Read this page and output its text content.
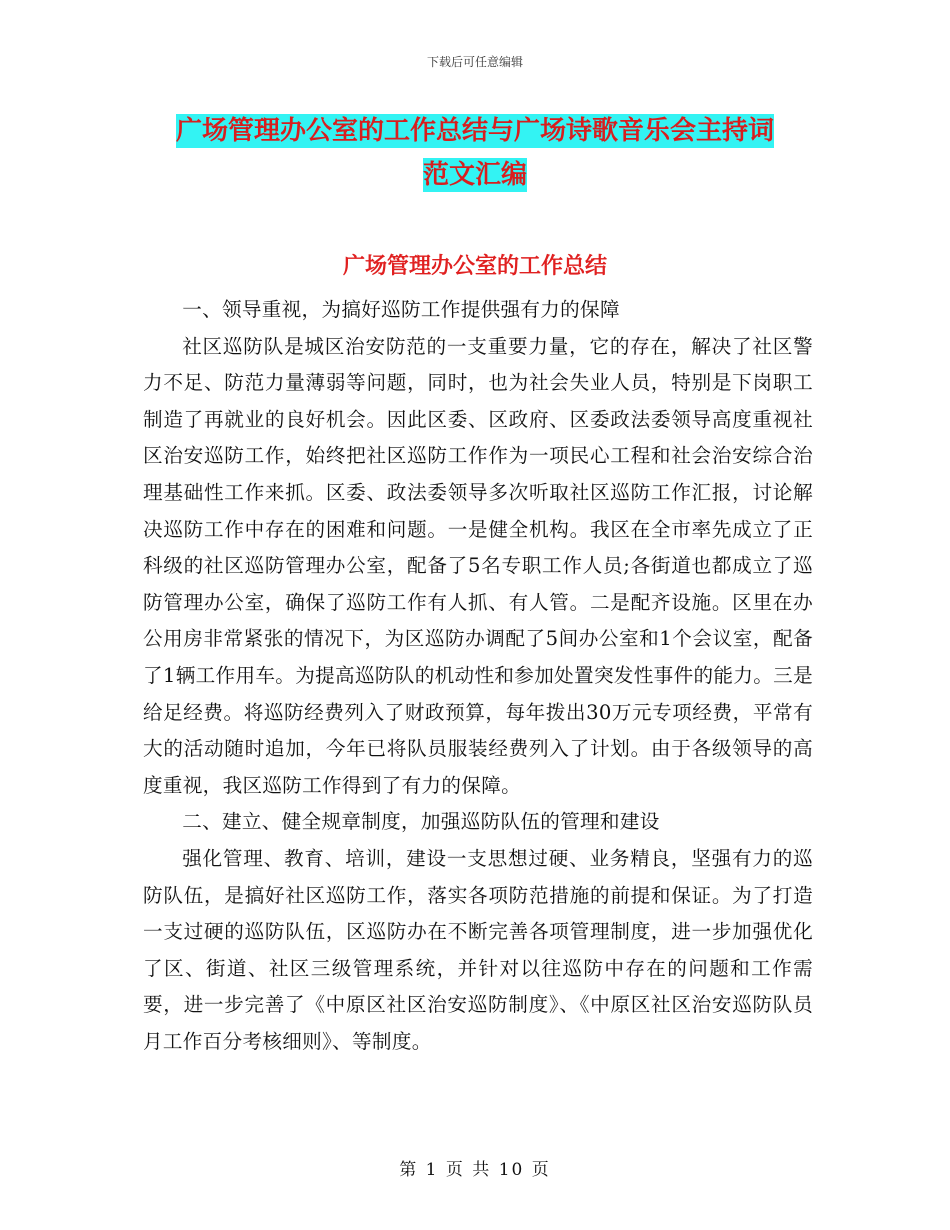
下载后可任意编辑
广场管理办公室的工作总结与广场诗歌音乐会主持词
范文汇编
广场管理办公室的工作总结

一、领导重视，为搞好巡防工作提供强有力的保障

社区巡防队是城区治安防范的一支重要力量，它的存在，解决了社区警力不足、防范力量薄弱等问题，同时，也为社会失业人员，特别是下岗职工制造了再就业的良好机会。因此区委、区政府、区委政法委领导高度重视社区治安巡防工作，始终把社区巡防工作作为一项民心工程和社会治安综合治理基础性工作来抓。区委、政法委领导多次听取社区巡防工作汇报，讨论解决巡防工作中存在的困难和问题。一是健全机构。我区在全市率先成立了正科级的社区巡防管理办公室，配备了5名专职工作人员;各街道也都成立了巡防管理办公室，确保了巡防工作有人抓、有人管。二是配齐设施。区里在办公用房非常紧张的情况下，为区巡防办调配了5间办公室和1个会议室，配备了1辆工作用车。为提高巡防队的机动性和参加处置突发性事件的能力。三是给足经费。将巡防经费列入了财政预算，每年拨出30万元专项经费，平常有大的活动随时追加，今年已将队员服装经费列入了计划。由于各级领导的高度重视，我区巡防工作得到了有力的保障。

二、建立、健全规章制度，加强巡防队伍的管理和建设

强化管理、教育、培训，建设一支思想过硬、业务精良，坚强有力的巡防队伍，是搞好社区巡防工作，落实各项防范措施的前提和保证。为了打造一支过硬的巡防队伍，区巡防办在不断完善各项管理制度，进一步加强优化了区、街道、社区三级管理系统，并针对以往巡防中存在的问题和工作需要，进一步完善了《中原区社区治安巡防制度》、《中原区社区治安巡防队员月工作百分考核细则》、等制度。

第 1 页 共 10 页
